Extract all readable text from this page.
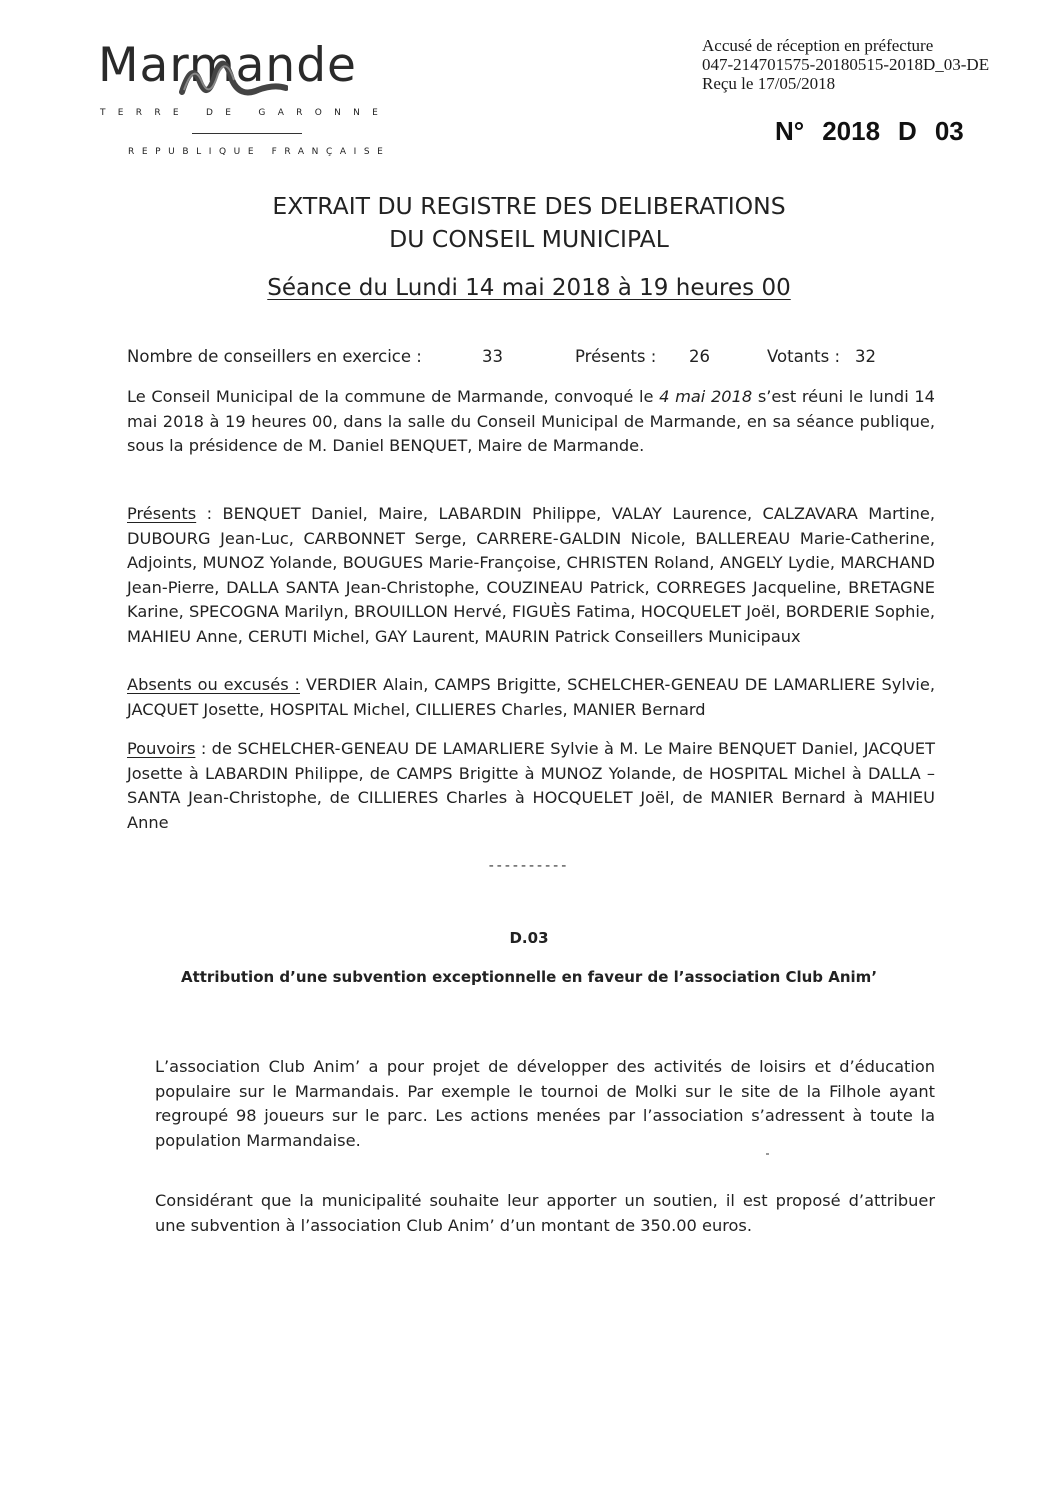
Marmande
TERRE DE GARONNE
REPUBLIQUE FRANÇAISE
Accusé de réception en préfecture
047-214701575-20180515-2018D_03-DE
Reçu le 17/05/2018
N° 2018 D 03
EXTRAIT DU REGISTRE DES DELIBERATIONS
DU CONSEIL MUNICIPAL
Séance du Lundi 14 mai 2018 à 19 heures 00

Nombre de conseillers en exercice :

	33

	Présents :

26

	Votants :

32

Le Conseil Municipal de la commune de Marmande, convoqué le 4 mai 2018 s’est réuni le lundi 14 mai 2018 à 19 heures 00, dans la salle du Conseil Municipal de Marmande, en sa séance publique, sous la présidence de M. Daniel BENQUET, Maire de Marmande.
Présents : BENQUET Daniel, Maire, LABARDIN Philippe, VALAY Laurence, CALZAVARA Martine, DUBOURG Jean-Luc, CARBONNET Serge, CARRERE-GALDIN Nicole, BALLEREAU Marie-Catherine, Adjoints, MUNOZ Yolande, BOUGUES Marie-Françoise, CHRISTEN Roland, ANGELY Lydie, MARCHAND Jean-Pierre, DALLA SANTA Jean-Christophe, COUZINEAU Patrick, CORREGES Jacqueline, BRETAGNE Karine, SPECOGNA Marilyn, BROUILLON Hervé, FIGUÈS Fatima, HOCQUELET Joël, BORDERIE Sophie, MAHIEU Anne, CERUTI Michel, GAY Laurent, MAURIN Patrick Conseillers Municipaux
Absents ou excusés : VERDIER Alain, CAMPS Brigitte, SCHELCHER-GENEAU DE LAMARLIERE Sylvie, JACQUET Josette, HOSPITAL Michel, CILLIERES Charles, MANIER Bernard
Pouvoirs : de SCHELCHER-GENEAU DE LAMARLIERE Sylvie à M. Le Maire BENQUET Daniel, JACQUET Josette à LABARDIN Philippe, de CAMPS Brigitte à MUNOZ Yolande, de HOSPITAL Michel à DALLA – SANTA Jean-Christophe, de CILLIERES Charles à HOCQUELET Joël, de MANIER Bernard à MAHIEU Anne
----------
D.03
Attribution d’une subvention exceptionnelle en faveur de l’association Club Anim’
L’association Club Anim’ a pour projet de développer des activités de loisirs et d’éducation populaire sur le Marmandais. Par exemple le tournoi de Molki sur le site de la Filhole ayant regroupé 98 joueurs sur le parc. Les actions menées par l’association s’adressent à toute la population Marmandaise.
Considérant que la municipalité souhaite leur apporter un soutien, il est proposé d’attribuer une subvention à l’association Club Anim’ d’un montant de 350.00 euros.
